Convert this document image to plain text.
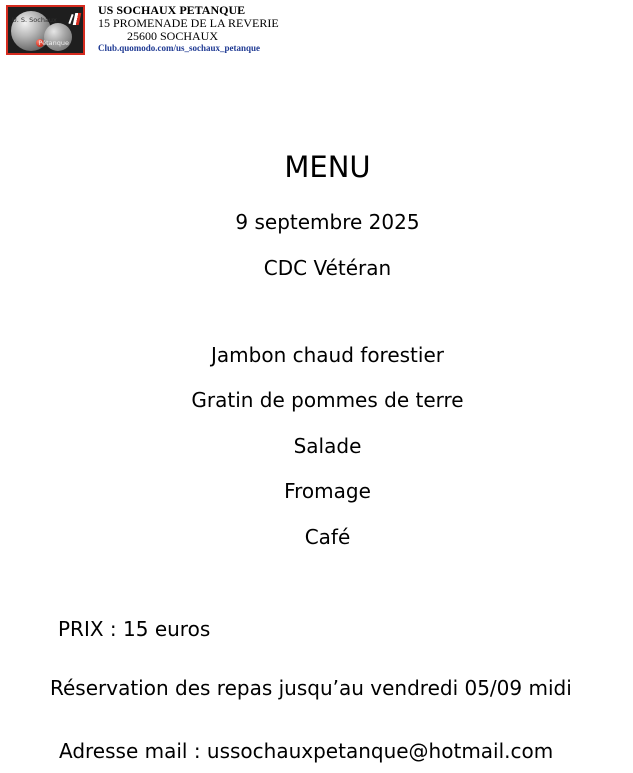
U. S. Sochaux
Pétanque
US SOCHAUX PETANQUE
15 PROMENADE DE LA REVERIE
25600 SOCHAUX
Club.quomodo.com/us_sochaux_petanque
MENU
9 septembre 2025
CDC Vétéran
Jambon chaud forestier
Gratin de pommes de terre
Salade
Fromage
Café
PRIX : 15 euros
Réservation des repas jusqu’au vendredi 05/09 midi
Adresse mail : ussochauxpetanque@hotmail.com
